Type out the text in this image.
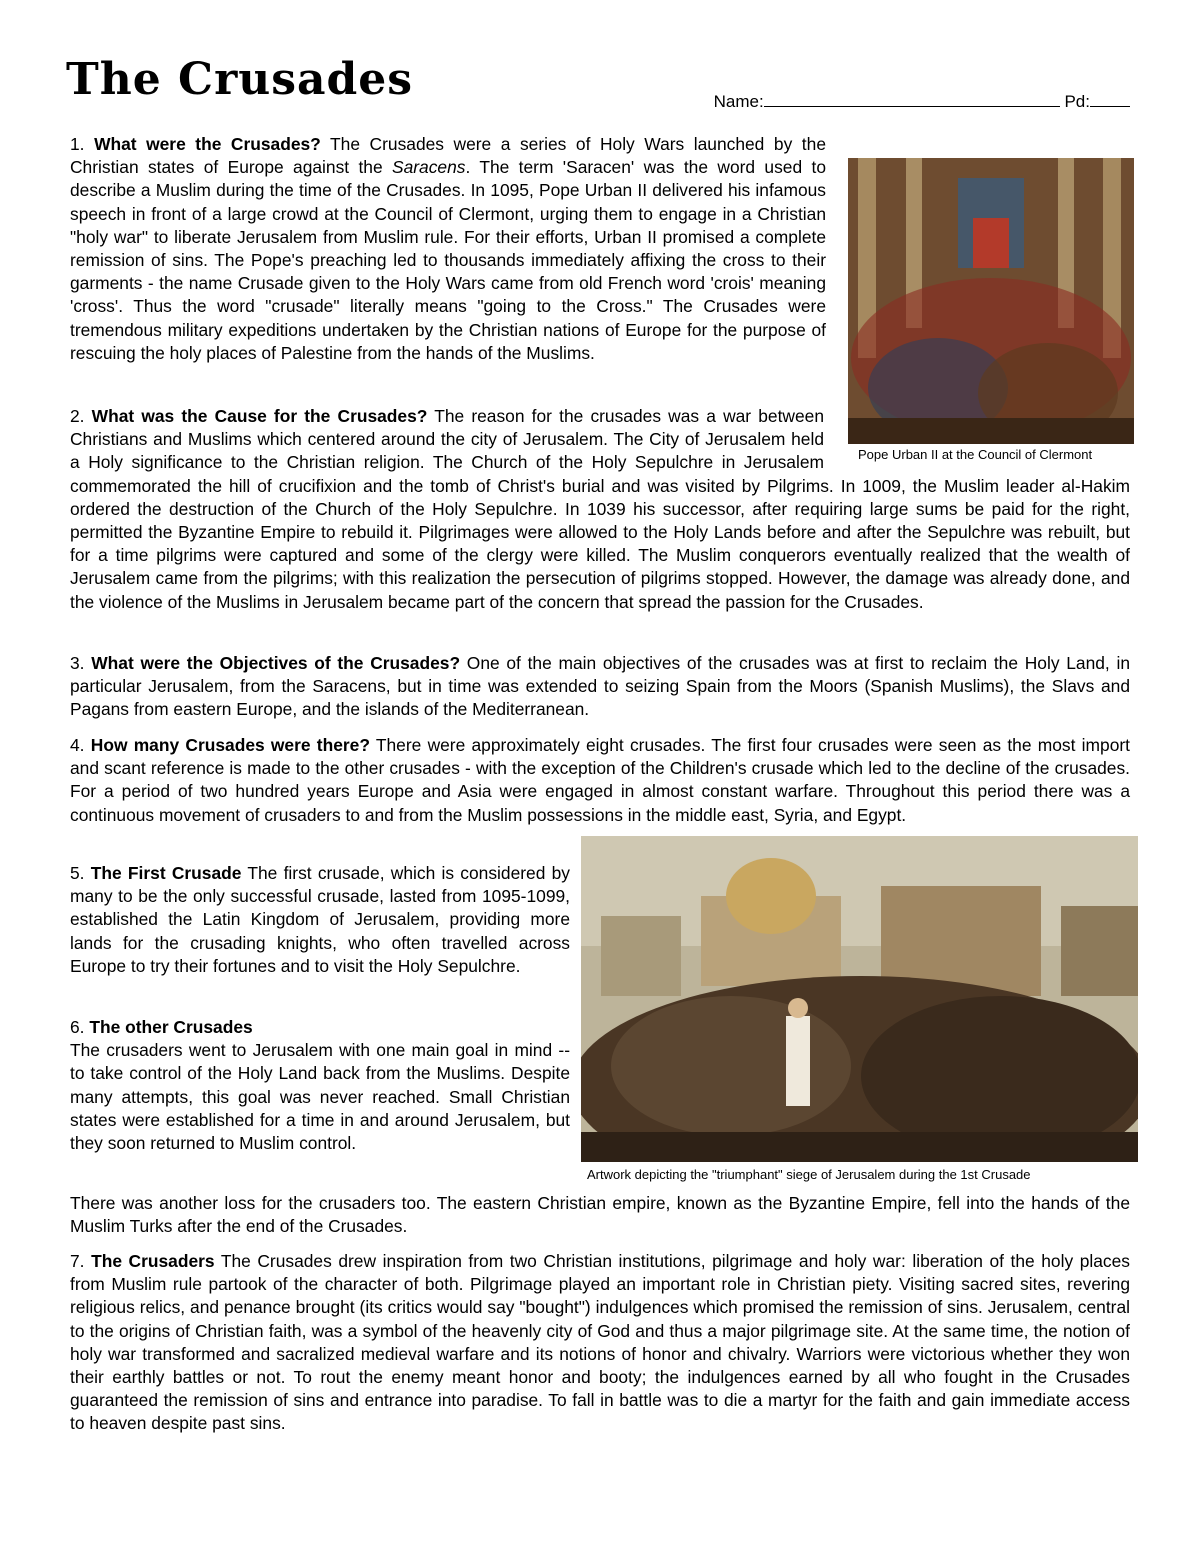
The Crusades	Name:	Pd:

1. What were the Crusades? The Crusades were a series of Holy Wars launched by the Christian states of Europe against the Saracens. The term 'Saracen' was the word used to describe a Muslim during the time of the Crusades. In 1095, Pope Urban II delivered his infamous speech in front of a large crowd at the Council of Clermont, urging them to engage in a Christian "holy war" to liberate Jerusalem from Muslim rule. For their efforts, Urban II promised a complete remission of sins. The Pope's preaching led to thousands immediately affixing the cross to their garments - the name Crusade given to the Holy Wars came from old French word 'crois' meaning 'cross'. Thus the word "crusade" literally means "going to the Cross." The Crusades were tremendous military expeditions undertaken by the Christian nations of Europe for the purpose of rescuing the holy places of Palestine from the hands of the Muslims.

2. What was the Cause for the Crusades? The reason for the crusades was a war between Christians and Muslims which centered around the city of Jerusalem. The City of Jerusalem held a Holy significance to the Christian religion. The Church of the Holy Sepulchre in Jerusalem commemorated the hill of crucifixion and the tomb of Christ's burial and was visited by Pilgrims. In 1009, the Muslim leader al-Hakim ordered the destruction of the Church of the Holy Sepulchre. In 1039 his successor, after requiring large sums be paid for the right, permitted the Byzantine Empire to rebuild it. Pilgrimages were allowed to the Holy Lands before and after the Sepulchre was rebuilt, but for a time pilgrims were captured and some of the clergy were killed. The Muslim conquerors eventually realized that the wealth of Jerusalem came from the pilgrims; with this realization the persecution of pilgrims stopped. However, the damage was already done, and the violence of the Muslims in Jerusalem became part of the concern that spread the passion for the Crusades.

3. What were the Objectives of the Crusades? One of the main objectives of the crusades was at first to reclaim the Holy Land, in particular Jerusalem, from the Saracens, but in time was extended to seizing Spain from the Moors (Spanish Muslims), the Slavs and Pagans from eastern Europe, and the islands of the Mediterranean.

4. How many Crusades were there? There were approximately eight crusades. The first four crusades were seen as the most import and scant reference is made to the other crusades - with the exception of the Children's crusade which led to the decline of the crusades. For a period of two hundred years Europe and Asia were engaged in almost constant warfare. Throughout this period there was a continuous movement of crusaders to and from the Muslim possessions in the middle east, Syria, and Egypt.

5. The First Crusade The first crusade, which is considered by many to be the only successful crusade, lasted from 1095-1099, established the Latin Kingdom of Jerusalem, providing more lands for the crusading knights, who often travelled across Europe to try their fortunes and to visit the Holy Sepulchre.

6. The other Crusades
The crusaders went to Jerusalem with one main goal in mind -- to take control of the Holy Land back from the Muslims. Despite many attempts, this goal was never reached. Small Christian states were established for a time in and around Jerusalem, but they soon returned to Muslim control.

There was another loss for the crusaders too. The eastern Christian empire, known as the Byzantine Empire, fell into the hands of the Muslim Turks after the end of the Crusades.

7. The Crusaders The Crusades drew inspiration from two Christian institutions, pilgrimage and holy war: liberation of the holy places from Muslim rule partook of the character of both. Pilgrimage played an important role in Christian piety. Visiting sacred sites, revering religious relics, and penance brought (its critics would say "bought") indulgences which promised the remission of sins. Jerusalem, central to the origins of Christian faith, was a symbol of the heavenly city of God and thus a major pilgrimage site. At the same time, the notion of holy war transformed and sacralized medieval warfare and its notions of honor and chivalry. Warriors were victorious whether they won their earthly battles or not. To rout the enemy meant honor and booty; the indulgences earned by all who fought in the Crusades guaranteed the remission of sins and entrance into paradise. To fall in battle was to die a martyr for the faith and gain immediate access to heaven despite past sins.

Pope Urban II at the Council of Clermont
Artwork depicting the "triumphant" siege of Jerusalem during the 1st Crusade
